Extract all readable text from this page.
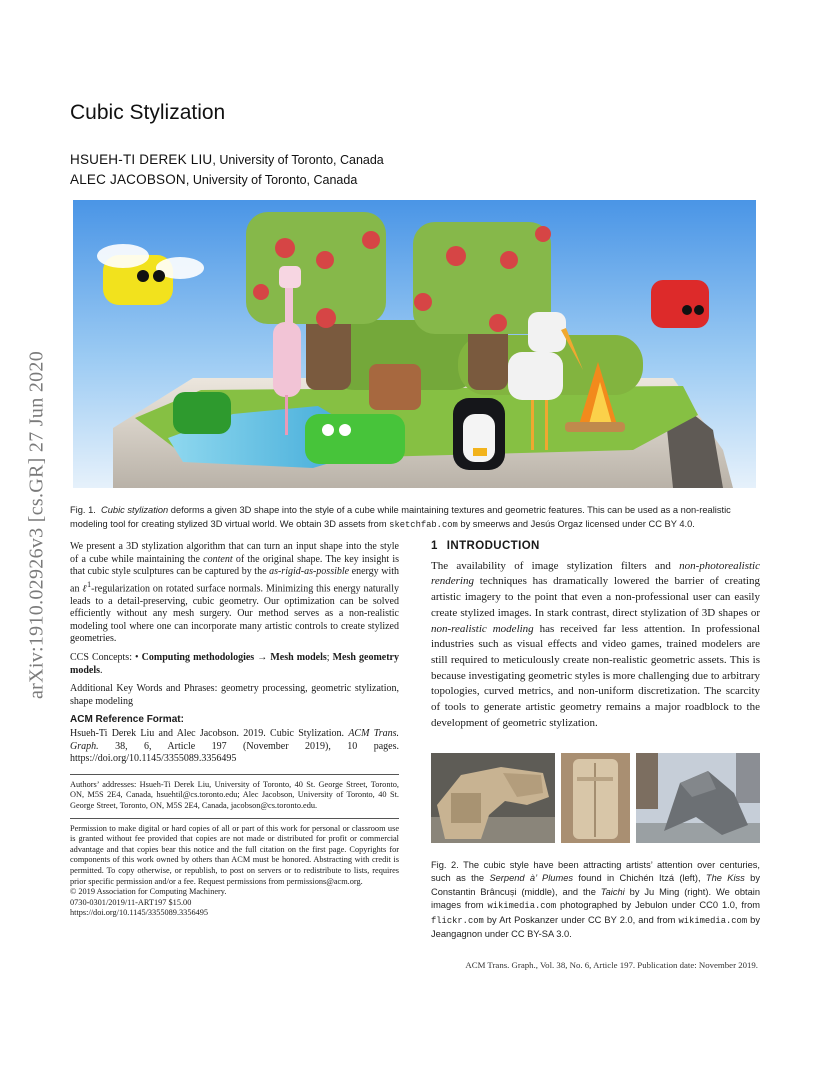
arXiv:1910.02926v3 [cs.GR] 27 Jun 2020
Cubic Stylization
HSUEH-TI DEREK LIU, University of Toronto, Canada
ALEC JACOBSON, University of Toronto, Canada

Fig. 1. Cubic stylization deforms a given 3D shape into the style of a cube while maintaining textures and geometric features. This can be used as a non-realistic modeling tool for creating stylized 3D virtual world. We obtain 3D assets from sketchfab.com by smeerws and Jesús Orgaz licensed under CC BY 4.0.

We present a 3D stylization algorithm that can turn an input shape into the style of a cube while maintaining the content of the original shape. The key insight is that cubic style sculptures can be captured by the as-rigid-as-possible energy with an ℓ$^1$-regularization on rotated surface normals. Minimizing this energy naturally leads to a detail-preserving, cubic geometry. Our optimization can be solved efficiently without any mesh surgery. Our method serves as a non-realistic modeling tool where one can incorporate many artistic controls to create stylized geometries.

CCS Concepts: • Computing methodologies → Mesh models; Mesh geometry models.

Additional Key Words and Phrases: geometry processing, geometric stylization, shape modeling

ACM Reference Format:

Hsueh-Ti Derek Liu and Alec Jacobson. 2019. Cubic Stylization. ACM Trans. Graph. 38, 6, Article 197 (November 2019), 10 pages. https://doi.org/10.1145/3355089.3356495

Authors’ addresses: Hsueh-Ti Derek Liu, University of Toronto, 40 St. George Street, Toronto, ON, M5S 2E4, Canada, hsuehtil@cs.toronto.edu; Alec Jacobson, University of Toronto, 40 St. George Street, Toronto, ON, M5S 2E4, Canada, jacobson@cs.toronto.edu.

Permission to make digital or hard copies of all or part of this work for personal or classroom use is granted without fee provided that copies are not made or distributed for profit or commercial advantage and that copies bear this notice and the full citation on the first page. Copyrights for components of this work owned by others than ACM must be honored. Abstracting with credit is permitted. To copy otherwise, or republish, to post on servers or to redistribute to lists, requires prior specific permission and/or a fee. Request permissions from permissions@acm.org.

© 2019 Association for Computing Machinery.

0730-0301/2019/11-ART197 $15.00

https://doi.org/10.1145/3355089.3356495

1 INTRODUCTION

The availability of image stylization filters and non-photorealistic rendering techniques has dramatically lowered the barrier of creating artistic imagery to the point that even a non-professional user can easily create stylized images. In stark contrast, direct stylization of 3D shapes or non-realistic modeling has received far less attention. In professional industries such as visual effects and video games, trained modelers are still required to meticulously create non-realistic geometric assets. This is because investigating geometric styles is more challenging due to arbitrary topologies, curved metrics, and non-uniform discretization. The scarcity of tools to generate artistic geometry remains a major roadblock to the development of geometric stylization.

Fig. 2. The cubic style have been attracting artists’ attention over centuries, such as the Serpend à’ Plumes found in Chichén Itzá (left), The Kiss by Constantin Brâncuși (middle), and the Taichi by Ju Ming (right). We obtain images from wikimedia.com photographed by Jebulon under CC0 1.0, from flickr.com by Art Poskanzer under CC BY 2.0, and from wikimedia.com by Jeangagnon under CC BY-SA 3.0.

ACM Trans. Graph., Vol. 38, No. 6, Article 197. Publication date: November 2019.
